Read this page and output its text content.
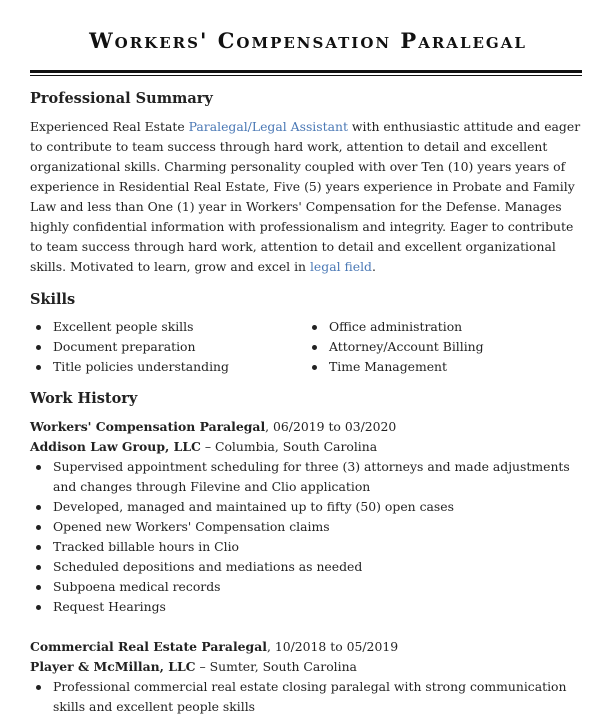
Workers' Compensation Paralegal
Professional Summary

Experienced Real Estate Paralegal/Legal Assistant with enthusiastic attitude and eager to contribute to team success through hard work, attention to detail and excellent organizational skills. Charming personality coupled with over Ten (10) years years of experience in Residential Real Estate, Five (5) years experience in Probate and Family Law and less than One (1) year in Workers' Compensation for the Defense. Manages highly confidential information with professionalism and integrity. Eager to contribute to team success through hard work, attention to detail and excellent organizational skills. Motivated to learn, grow and excel in legal field.

Skills
Excellent people skills
Document preparation
Title policies understanding
Office administration
Attorney/Account Billing
Time Management
Work History
Workers' Compensation Paralegal, 06/2019 to 03/2020
Addison Law Group, LLC – Columbia, South Carolina
Supervised appointment scheduling for three (3) attorneys and made adjustments and changes through Filevine and Clio application
Developed, managed and maintained up to fifty (50) open cases
Opened new Workers' Compensation claims
Tracked billable hours in Clio
Scheduled depositions and mediations as needed
Subpoena medical records
Request Hearings
Commercial Real Estate Paralegal, 10/2018 to 05/2019
Player & McMillan, LLC – Sumter, South Carolina
Professional commercial real estate closing paralegal with strong communication skills and excellent people skills
